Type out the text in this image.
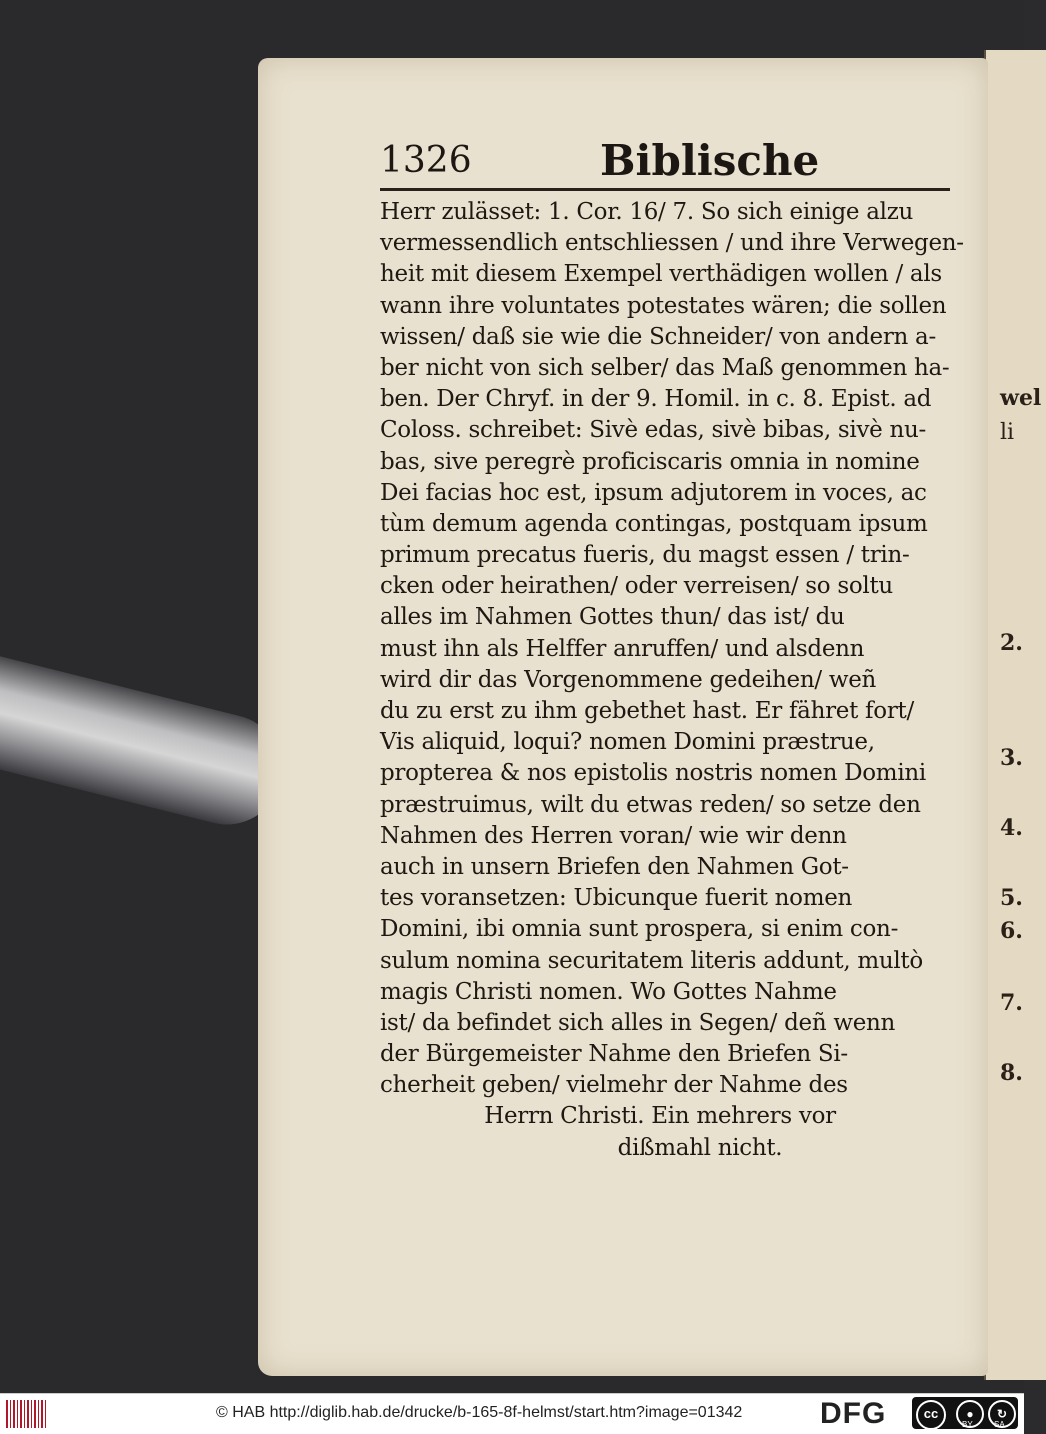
wel
li
2.
3.
4.
5.
6.
7.
8.
1326	Biblische
Herr zulässet: 1. Cor. 16/ 7. So sich einige alzu
vermessendlich entschliessen / und ihre Verwegen-
heit mit diesem Exempel verthädigen wollen / als
wann ihre voluntates potestates wären; die sollen
wissen/ daß sie wie die Schneider/ von andern a-
ber nicht von sich selber/ das Maß genommen ha-
ben. Der Chryf. in der 9. Homil. in c. 8. Epist. ad
Coloss. schreibet: Sivè edas, sivè bibas, sivè nu-
bas, sive peregrè proficiscaris omnia in nomine
Dei facias hoc est, ipsum adjutorem in voces, ac
tùm demum agenda contingas, postquam ipsum
primum precatus fueris, du magst essen / trin-
cken oder heirathen/ oder verreisen/ so soltu
alles im Nahmen Gottes thun/ das ist/ du
must ihn als Helffer anruffen/ und alsdenn
wird dir das Vorgenommene gedeihen/ weñ
du zu erst zu ihm gebethet hast. Er fähret fort/
Vis aliquid, loqui? nomen Domini præstrue,
propterea & nos epistolis nostris nomen Domini
præstruimus, wilt du etwas reden/ so setze den
Nahmen des Herren voran/ wie wir denn
auch in unsern Briefen den Nahmen Got-
tes voransetzen: Ubicunque fuerit nomen
Domini, ibi omnia sunt prospera, si enim con-
sulum nomina securitatem literis addunt, multò
magis Christi nomen. Wo Gottes Nahme
ist/ da befindet sich alles in Segen/ deñ wenn
der Bürgemeister Nahme den Briefen Si-
cherheit geben/ vielmehr der Nahme des
Herrn Christi. Ein mehrers vor
dißmahl nicht.
© HAB http://diglib.hab.de/drucke/b-165-8f-helmst/start.htm?image=01342	DFG	cc	●	↻
BY	SA
